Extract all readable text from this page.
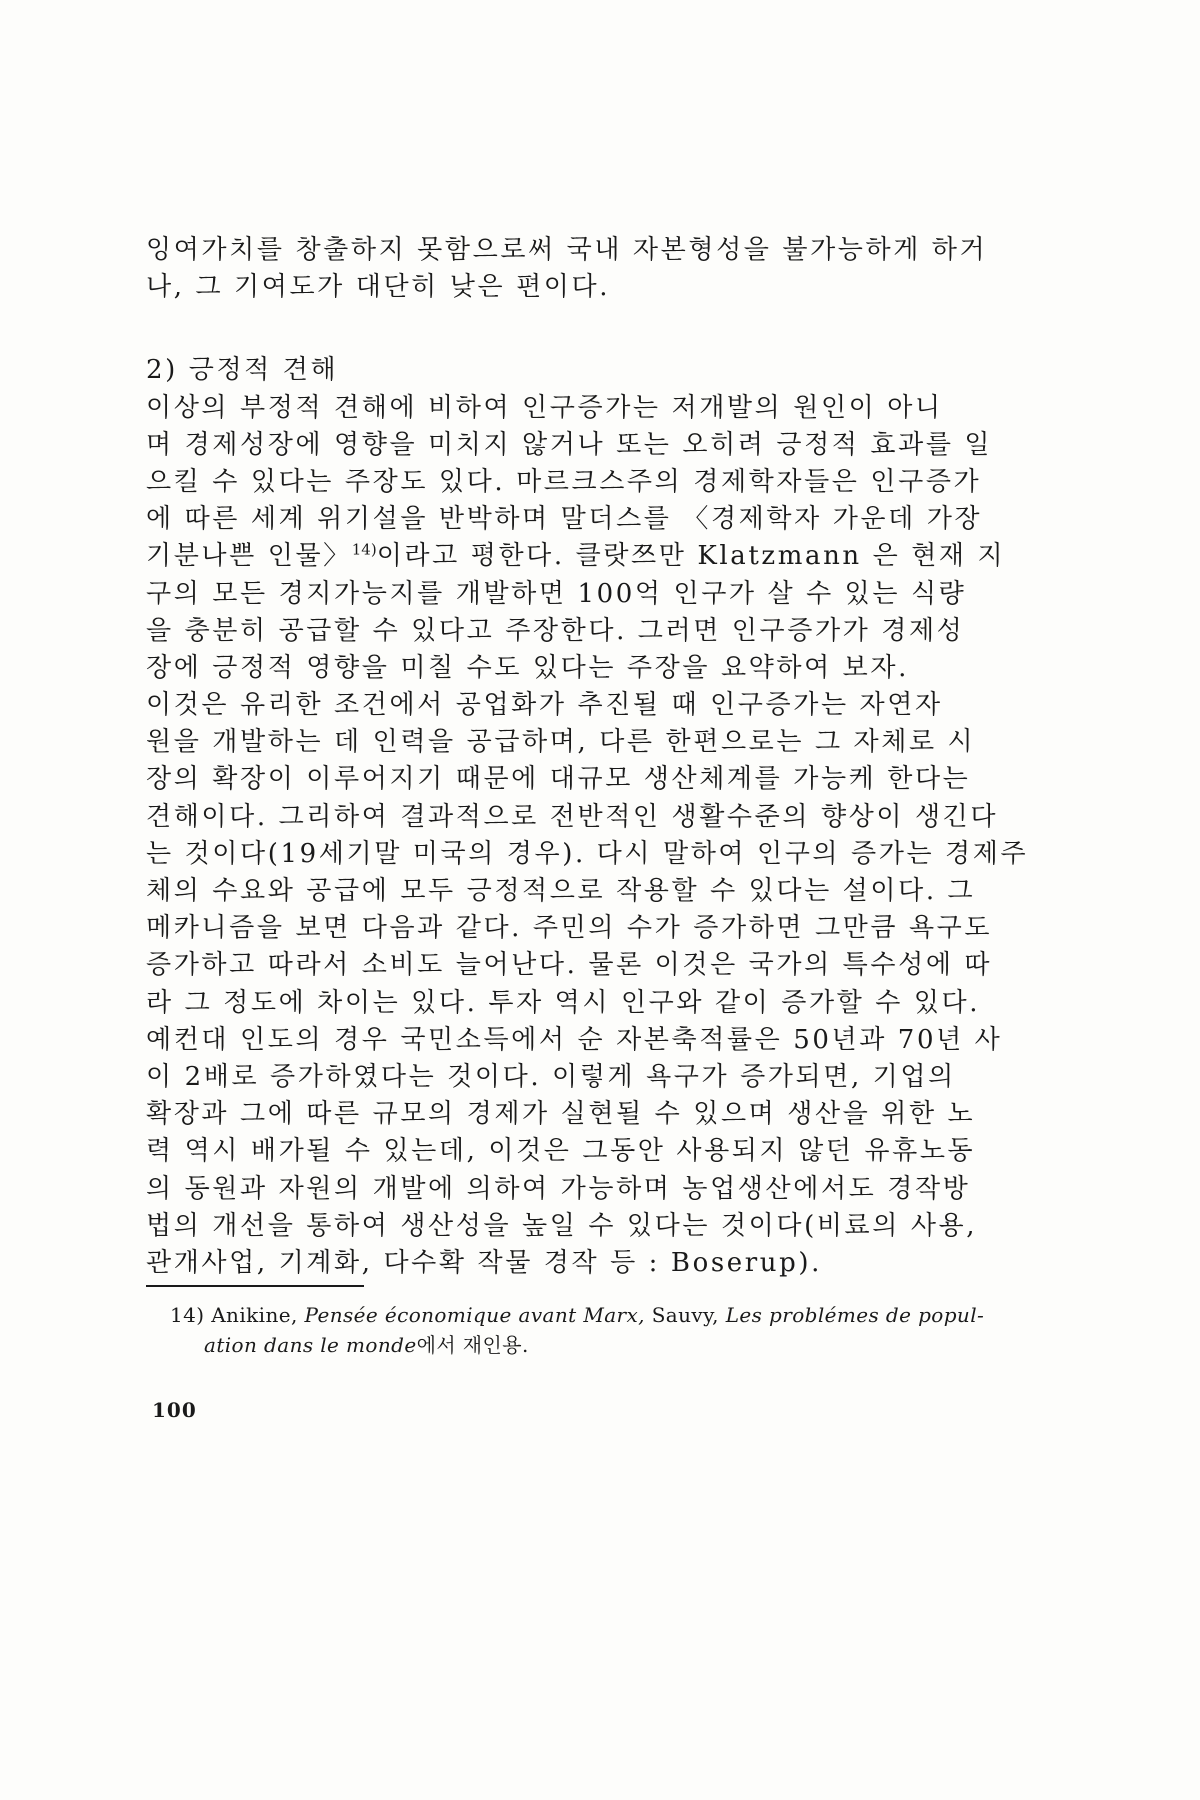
잉여가치를 창출하지 못함으로써 국내 자본형성을 불가능하게 하거
나, 그 기여도가 대단히 낮은 편이다.
2) 긍정적 견해
이상의 부정적 견해에 비하여 인구증가는 저개발의 원인이 아니
며 경제성장에 영향을 미치지 않거나 또는 오히려 긍정적 효과를 일
으킬 수 있다는 주장도 있다. 마르크스주의 경제학자들은 인구증가
에 따른 세계 위기설을 반박하며 말더스를 〈경제학자 가운데 가장
기분나쁜 인물〉$^{14)}$이라고 평한다. 클랏쯔만 Klatzmann 은 현재 지
구의 모든 경지가능지를 개발하면 100억 인구가 살 수 있는 식량
을 충분히 공급할 수 있다고 주장한다. 그러면 인구증가가 경제성
장에 긍정적 영향을 미칠 수도 있다는 주장을 요약하여 보자.
이것은 유리한 조건에서 공업화가 추진될 때 인구증가는 자연자
원을 개발하는 데 인력을 공급하며, 다른 한편으로는 그 자체로 시
장의 확장이 이루어지기 때문에 대규모 생산체계를 가능케 한다는
견해이다. 그리하여 결과적으로 전반적인 생활수준의 향상이 생긴다
는 것이다(19세기말 미국의 경우). 다시 말하여 인구의 증가는 경제주
체의 수요와 공급에 모두 긍정적으로 작용할 수 있다는 설이다. 그
메카니즘을 보면 다음과 같다. 주민의 수가 증가하면 그만큼 욕구도
증가하고 따라서 소비도 늘어난다. 물론 이것은 국가의 특수성에 따
라 그 정도에 차이는 있다. 투자 역시 인구와 같이 증가할 수 있다.
예컨대 인도의 경우 국민소득에서 순 자본축적률은 50년과 70년 사
이 2배로 증가하였다는 것이다. 이렇게 욕구가 증가되면, 기업의
확장과 그에 따른 규모의 경제가 실현될 수 있으며 생산을 위한 노
력 역시 배가될 수 있는데, 이것은 그동안 사용되지 않던 유휴노동
의 동원과 자원의 개발에 의하여 가능하며 농업생산에서도 경작방
법의 개선을 통하여 생산성을 높일 수 있다는 것이다(비료의 사용,
관개사업, 기계화, 다수확 작물 경작 등 : Boserup).
14) Anikine, Pensée économique avant Marx, Sauvy, Les problémes de popul-
ation dans le monde에서 재인용.
100
